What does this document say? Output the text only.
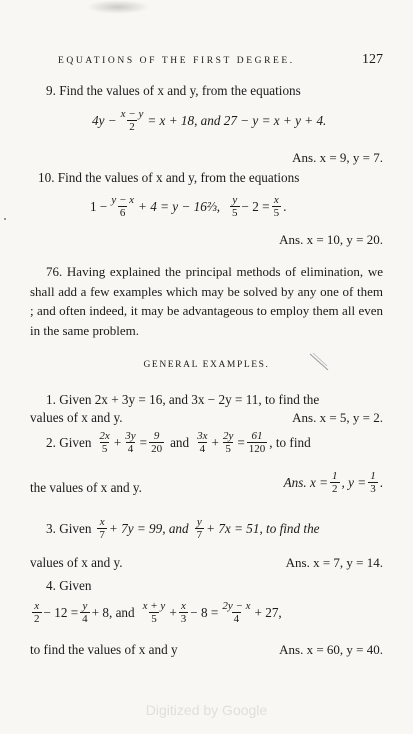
EQUATIONS OF THE FIRST DEGREE.	127
9. Find the values of x and y, from the equations
$4y - \frac{x - y}{2} = x + 18$, and 27 − y = x + y + 4.
Ans. x = 9, y = 7.
10. Find the values of x and y, from the equations
$1 - \frac{y - x}{6} + 4 = y$ − 16⅔, $\frac{y}{5} - 2 = \frac{x}{5}$ .
Ans. x = 10, y = 20.
76. Having explained the principal methods of elimination, we shall add a few examples which may be solved by any one of them ; and often indeed, it may be advantageous to employ them all even in the same problem.
GENERAL EXAMPLES.
1. Given 2x + 3y = 16, and 3x − 2y = 11, to find the
values of x and y.	Ans. x = 5, y = 2.
2. Given $\frac{2x}{5} + \frac{3y}{4} = \frac{9}{20}$ and $\frac{3x}{4} + \frac{2y}{5} = \frac{61}{120}$ , to find
the values of x and y.	Ans. $x = \frac{1}{2}$ , $y = \frac{1}{3}$ .
3. Given $\frac{x}{7} + 7y = 99$, and $\frac{y}{7} + 7x = 51$, to find the
values of x and y.	Ans. x = 7, y = 14.
4. Given
$\frac{x}{2} - 12 = \frac{y}{4} + 8$, and $\frac{x + y}{5} + \frac{x}{3} - 8 = \frac{2y - x}{4} + 27$,
to find the values of x and y	Ans. x = 60, y = 40.
Digitized by Google
